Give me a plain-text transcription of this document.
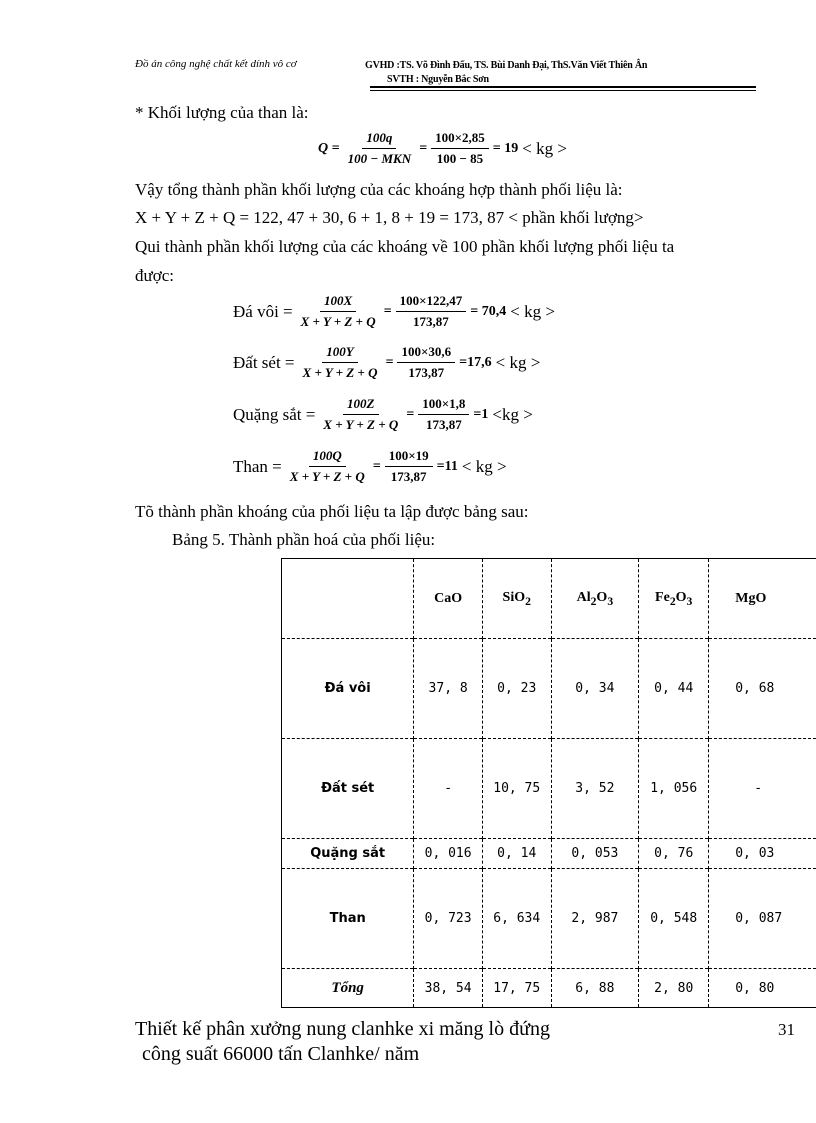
Đồ án công nghệ chất kết dính vô cơ	GVHD :TS. Võ Đình Đấu, TS. Bùi Danh Đại, ThS.Văn Viết Thiên Ân
SVTH : Nguyễn Bắc Sơn
* Khối lượng của than là:
$Q = \frac{100q}{\text{100 − MKN}} = \frac{100\times 2,85}{100 - 85} = 19$ < kg >
Vậy tổng thành phần khối lượng của các khoáng hợp thành phối liệu là:
X + Y + Z + Q = 122, 47 + 30, 6 + 1, 8 + 19 = 173, 87 < phần khối lượng>
Qui thành phần khối lượng của các khoáng về 100 phần khối lượng phối liệu ta
được:
Đá vôi = $\frac{100X}{X + Y + Z + Q} = \frac{100\times 122,47}{173,87} = 70,4$ < kg >
Đất sét = $\frac{100Y}{X + Y + Z + Q} = \frac{100\times 30,6}{173,87} =17,6$ < kg >
Quặng sắt = $\frac{100Z}{X + Y + Z + Q} = \frac{100\times 1,8}{173,87} =1 <kg$ >
Than = $\frac{100Q}{X + Y + Z + Q} = \frac{100\times 19}{173,87} =11$ < kg >
Tõ thành phần khoáng của phối liệu ta lập được bảng sau:
Bảng 5. Thành phần hoá của phối liệu:
	CaO	SiO$_2$	$Al_2O_3$	$Fe_2O_3$	MgO
Đá vôi	37, 8	0, 23	0, 34	0, 44	0, 68
Đất sét	-	10, 75	3, 52	1, 056	-
Quặng sắt	0, 016	0, 14	0, 053	0, 76	0, 03
Than	0, 723	6, 634	2, 987	0, 548	0, 087
Tổng	38, 54	17, 75	6, 88	2, 80	0, 80
Thiết kế phân xưởng nung clanhke xi măng lò đứng
công suất 66000 tấn Clanhke/ năm
31
